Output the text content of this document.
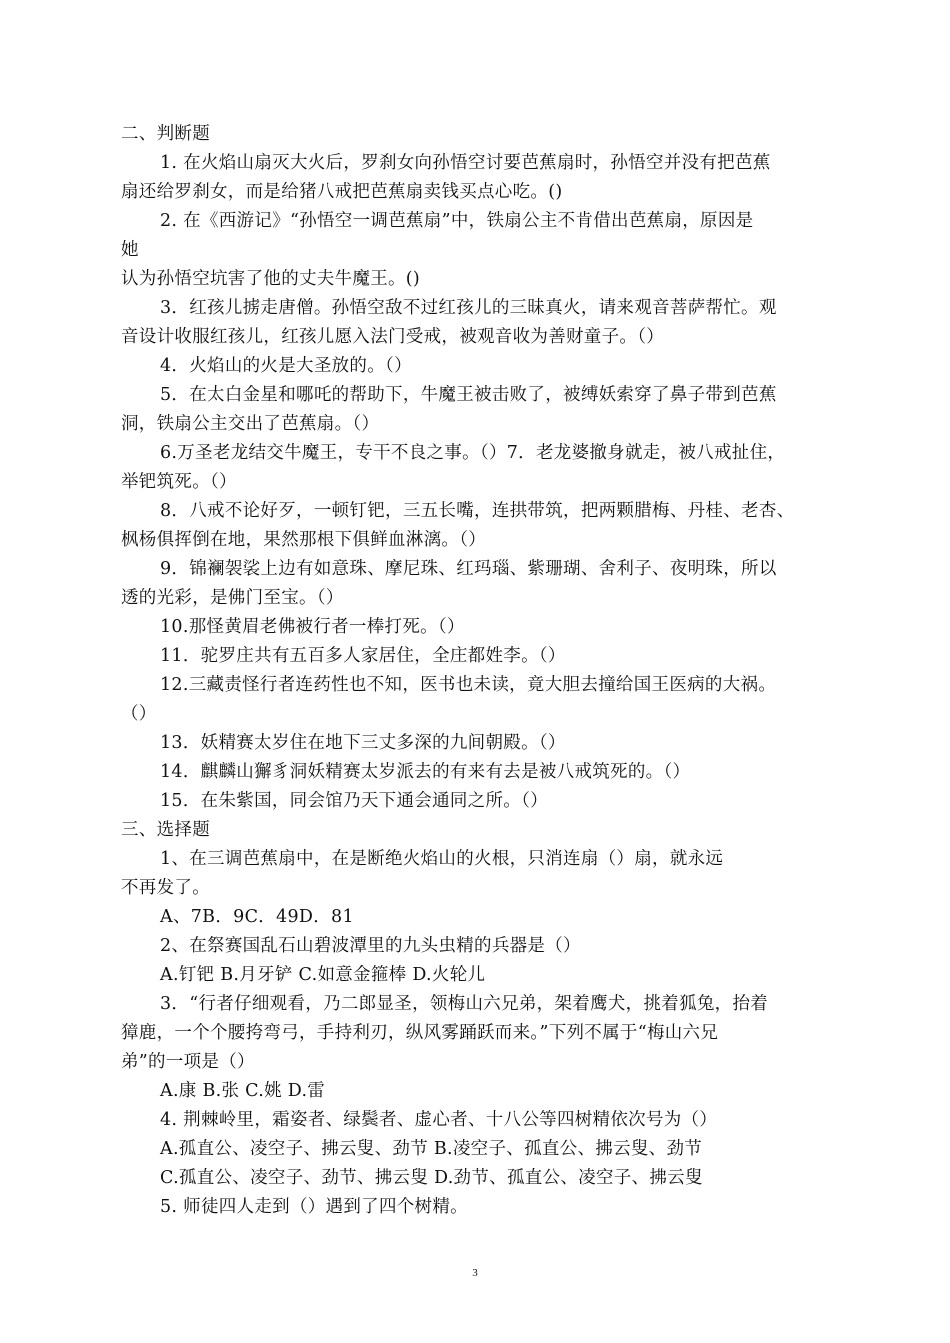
二、判断题
1. 在火焰山扇灭大火后，罗刹女向孙悟空讨要芭蕉扇时，孙悟空并没有把芭蕉
扇还给罗刹女，而是给猪八戒把芭蕉扇卖钱买点心吃。()
2. 在《西游记》“孙悟空一调芭蕉扇”中，铁扇公主不肯借出芭蕉扇，原因是
她
认为孙悟空坑害了他的丈夫牛魔王。()
3．红孩儿掳走唐僧。孙悟空敌不过红孩儿的三昧真火，请来观音菩萨帮忙。观
音设计收服红孩儿，红孩儿愿入法门受戒，被观音收为善财童子。（）
4．火焰山的火是大圣放的。（）
5．在太白金星和哪吒的帮助下，牛魔王被击败了，被缚妖索穿了鼻子带到芭蕉
洞，铁扇公主交出了芭蕉扇。（）
6.万圣老龙结交牛魔王，专干不良之事。（）7．老龙婆撤身就走，被八戒扯住，
举钯筑死。（）
8．八戒不论好歹，一顿钉钯，三五长嘴，连拱带筑，把两颗腊梅、丹桂、老杏、
枫杨俱挥倒在地，果然那根下俱鲜血淋漓。（）
9．锦襕袈裟上边有如意珠、摩尼珠、红玛瑙、紫珊瑚、舍利子、夜明珠，所以
透的光彩，是佛门至宝。（）
10.那怪黄眉老佛被行者一棒打死。（）
11．驼罗庄共有五百多人家居住，全庄都姓李。（）
12.三藏责怪行者连药性也不知，医书也未读，竟大胆去撞给国王医病的大祸。
（）
13．妖精赛太岁住在地下三丈多深的九间朝殿。（）
14．麒麟山獬豸洞妖精赛太岁派去的有来有去是被八戒筑死的。（）
15．在朱紫国，同会馆乃天下通会通同之所。（）
三、选择题
1、在三调芭蕉扇中，在是断绝火焰山的火根，只消连扇（）扇，就永远
不再发了。
A、7B．9C．49D．81
2、在祭赛国乱石山碧波潭里的九头虫精的兵器是（）
A.钉钯 B.月牙铲 C.如意金箍棒 D.火轮儿
3．“行者仔细观看，乃二郎显圣，领梅山六兄弟，架着鹰犬，挑着狐兔，抬着
獐鹿，一个个腰挎弯弓，手持利刃，纵风雾踊跃而来。”下列不属于“梅山六兄
弟”的一项是（）
A.康 B.张 C.姚 D.雷
4. 荆棘岭里，霜姿者、绿鬓者、虚心者、十八公等四树精依次号为（）
A.孤直公、凌空子、拂云叟、劲节 B.凌空子、孤直公、拂云叟、劲节
C.孤直公、凌空子、劲节、拂云叟 D.劲节、孤直公、凌空子、拂云叟
5. 师徒四人走到（）遇到了四个树精。
3
